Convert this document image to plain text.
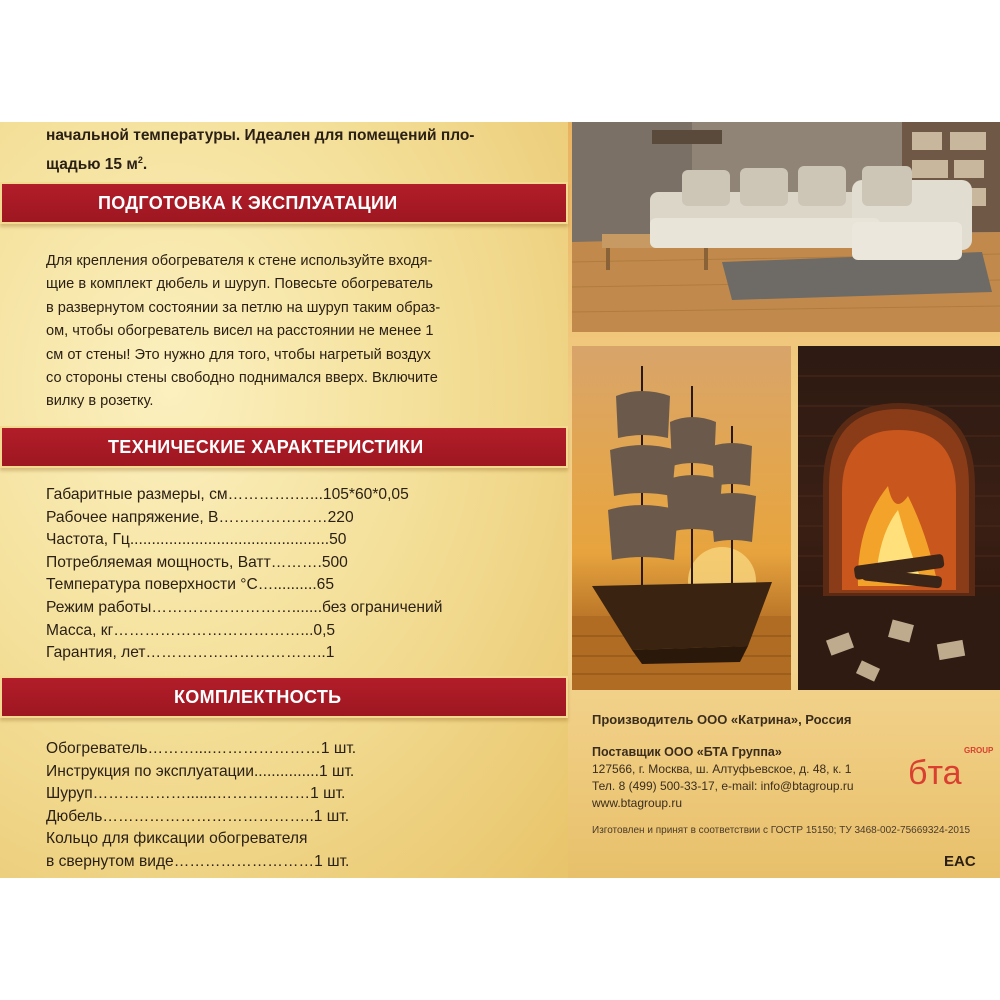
начальной температуры. Идеален для помещений пло-
щадью 15 $м^2$.
ПОДГОТОВКА К ЭКСПЛУАТАЦИИ
Для крепления обогревателя к стене используйте входя-
щие в комплект дюбель и шуруп. Повесьте обогреватель
в развернутом состоянии за петлю на шуруп таким образ-
ом, чтобы обогреватель висел на расстоянии не менее 1
см от стены! Это нужно для того, чтобы нагретый воздух
со стороны стены свободно поднимался вверх. Включите
вилку в розетку.
ТЕХНИЧЕСКИЕ ХАРАКТЕРИСТИКИ
Габаритные размеры, см………….…...105*60*0,05
Рабочее напряжение, В…………………220
Частота, Гц..............................................50
Потребляемая мощность, Ватт……….500
Температура поверхности °С…..........65
Режим работы……………………….......без ограничений
Масса, кг………………………………...0,5
Гарантия, лет……………………………..1
КОМПЛЕКТНОСТЬ
Обогреватель………....…………………1 шт.
Инструкция по эксплуатации...............1 шт.
Шуруп……………….......………………1 шт.
Дюбель…………………………………..1 шт.
Кольцо для фиксации обогревателя
в свернутом виде………………………1 шт.
Производитель ООО «Катрина», Россия
Поставщик ООО «БТА Группа»
127566, г. Москва, ш. Алтуфьевское, д. 48, к. 1
Тел. 8 (499) 500-33-17, e-mail: info@btagroup.ru
www.btagroup.ru
GROUP
бта
Изготовлен и принят в соответствии с ГОСТР 15150; ТУ 3468-002-75669324-2015
EAC
